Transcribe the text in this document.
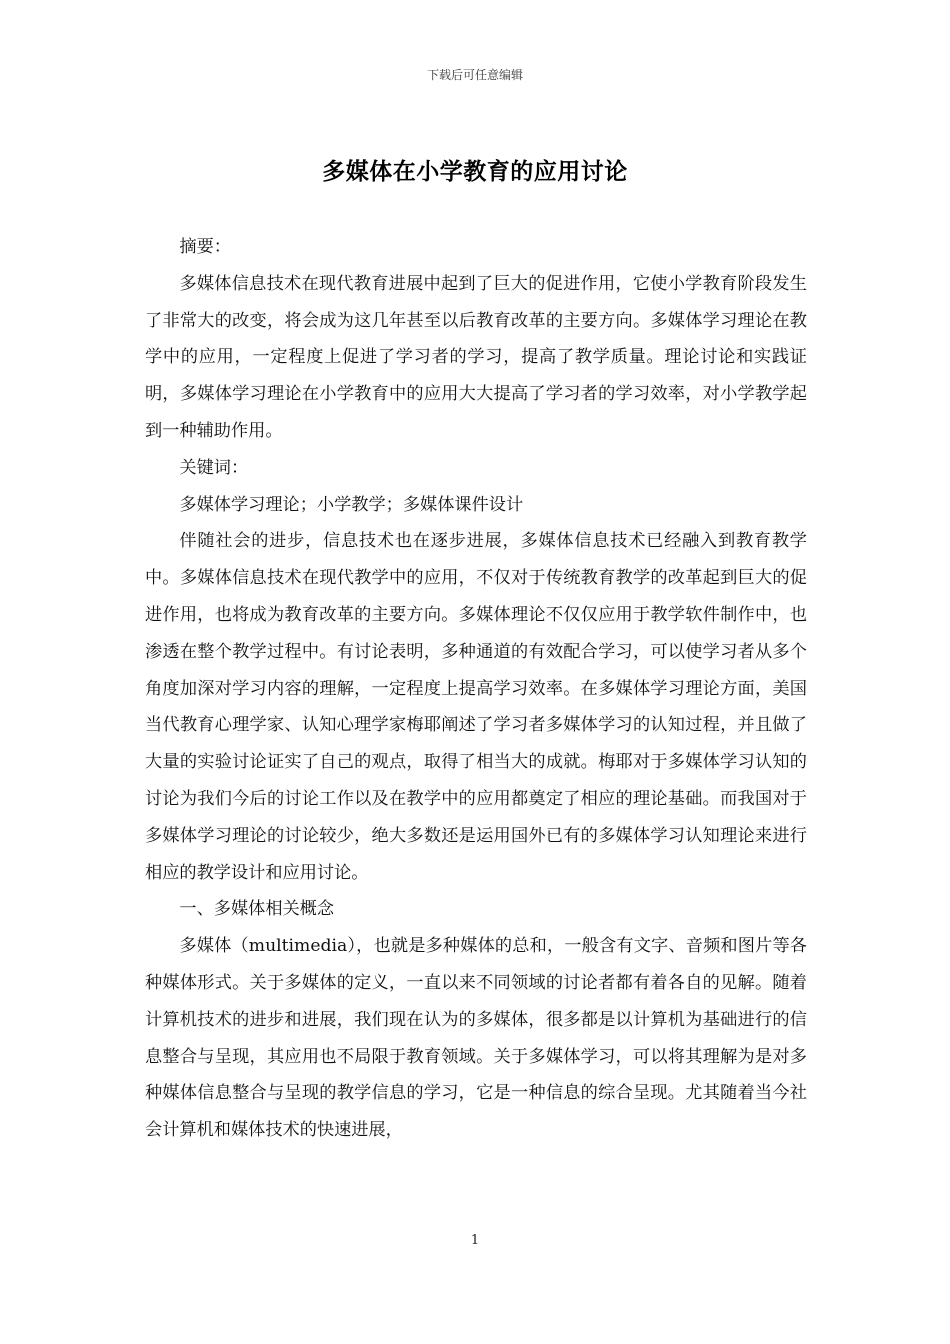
下载后可任意编辑
多媒体在小学教育的应用讨论

摘要：

多媒体信息技术在现代教育进展中起到了巨大的促进作用，它使小学教育阶段发生了非常大的改变，将会成为这几年甚至以后教育改革的主要方向。多媒体学习理论在教学中的应用，一定程度上促进了学习者的学习，提高了教学质量。理论讨论和实践证明，多媒体学习理论在小学教育中的应用大大提高了学习者的学习效率，对小学教学起到一种辅助作用。

关键词：

多媒体学习理论；小学教学；多媒体课件设计

伴随社会的进步，信息技术也在逐步进展，多媒体信息技术已经融入到教育教学中。多媒体信息技术在现代教学中的应用，不仅对于传统教育教学的改革起到巨大的促进作用，也将成为教育改革的主要方向。多媒体理论不仅仅应用于教学软件制作中，也渗透在整个教学过程中。有讨论表明，多种通道的有效配合学习，可以使学习者从多个角度加深对学习内容的理解，一定程度上提高学习效率。在多媒体学习理论方面，美国当代教育心理学家、认知心理学家梅耶阐述了学习者多媒体学习的认知过程，并且做了大量的实验讨论证实了自己的观点，取得了相当大的成就。梅耶对于多媒体学习认知的讨论为我们今后的讨论工作以及在教学中的应用都奠定了相应的理论基础。而我国对于多媒体学习理论的讨论较少，绝大多数还是运用国外已有的多媒体学习认知理论来进行相应的教学设计和应用讨论。

一、多媒体相关概念

多媒体（multimedia），也就是多种媒体的总和，一般含有文字、音频和图片等各种媒体形式。关于多媒体的定义，一直以来不同领域的讨论者都有着各自的见解。随着计算机技术的进步和进展，我们现在认为的多媒体，很多都是以计算机为基础进行的信息整合与呈现，其应用也不局限于教育领域。关于多媒体学习，可以将其理解为是对多种媒体信息整合与呈现的教学信息的学习，它是一种信息的综合呈现。尤其随着当今社会计算机和媒体技术的快速进展，

1
